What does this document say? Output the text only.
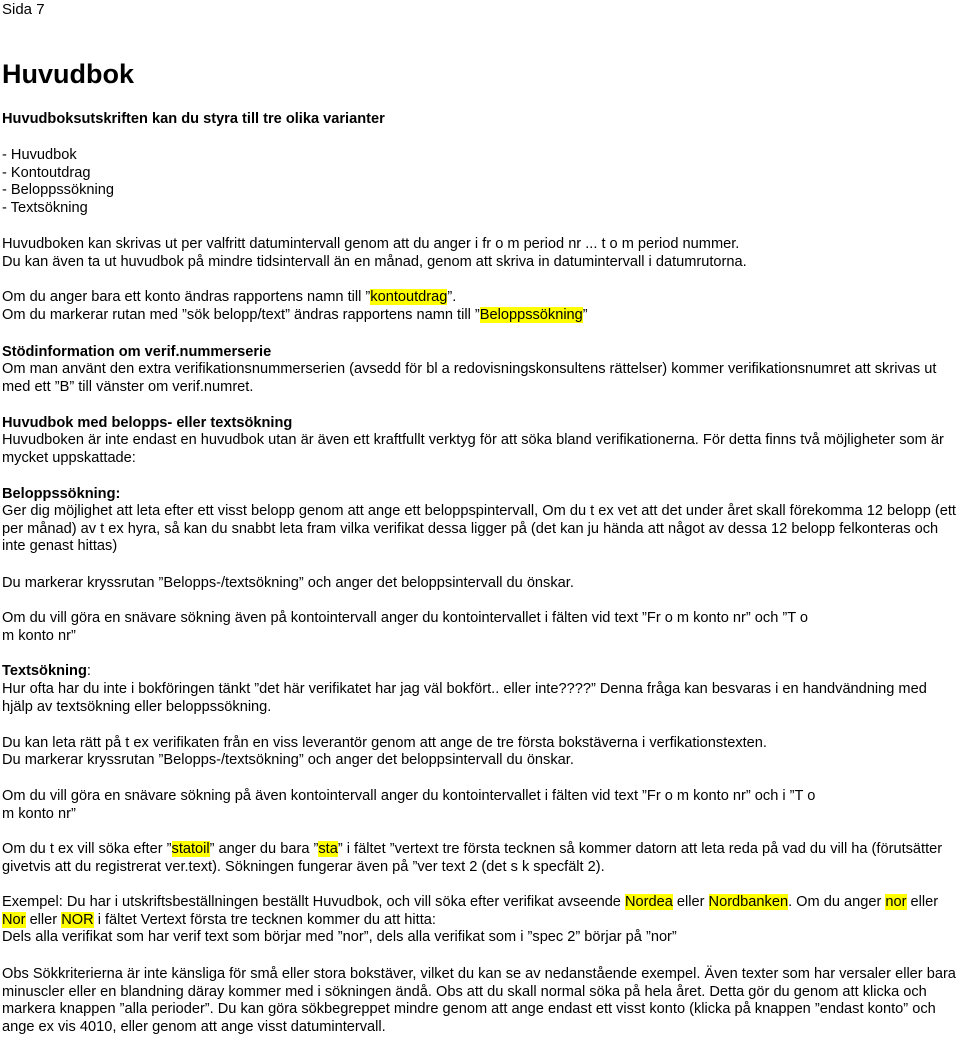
Sida 7
Huvudbok

Huvudboksutskriften kan du styra till tre olika varianter

- Huvudbok
- Kontoutdrag
- Beloppssökning
- Textsökning

Huvudboken kan skrivas ut per valfritt datumintervall genom att du anger i fr o m period nr ... t o m period nummer.

Du kan även ta ut huvudbok på mindre tidsintervall än en månad, genom att skriva in datumintervall i datumrutorna.

Om du anger bara ett konto ändras rapportens namn till ”kontoutdrag”.

Om du markerar rutan med ”sök belopp/text” ändras rapportens namn till ”Beloppssökning”

Stödinformation om verif.nummerserie

Om man använt den extra verifikationsnummerserien (avsedd för bl a redovisningskonsultens rättelser) kommer verifikationsnumret att skrivas ut med ett ”B” till vänster om verif.numret.

Huvudbok med belopps- eller textsökning

Huvudboken är inte endast en huvudbok utan är även ett kraftfullt verktyg för att söka bland verifikationerna. För detta finns två möjligheter som är mycket uppskattade:

Beloppssökning:

Ger dig möjlighet att leta efter ett visst belopp genom att ange ett beloppspintervall, Om du t ex vet att det under året skall förekomma 12 belopp (ett per månad) av t ex hyra, så kan du snabbt leta fram vilka verifikat dessa ligger på (det kan ju hända att något av dessa 12 belopp felkonteras och inte genast hittas)

Du markerar kryssrutan ”Belopps-/textsökning” och anger det beloppsintervall du önskar.

Om du vill göra en snävare sökning även på kontointervall anger du kontointervallet i fälten vid text ”Fr o m konto nr” och ”T o m konto nr”

Textsökning:

Hur ofta har du inte i bokföringen tänkt ”det här verifikatet har jag väl bokfört.. eller inte????” Denna fråga kan besvaras i en handvändning med hjälp av textsökning eller beloppssökning.

Du kan leta rätt på t ex verifikaten från en viss leverantör genom att ange de tre första bokstäverna i verfikationstexten.

Du markerar kryssrutan ”Belopps-/textsökning” och anger det beloppsintervall du önskar.

Om du vill göra en snävare sökning på även kontointervall anger du kontointervallet i fälten vid text ”Fr o m konto nr” och i ”T o m konto nr”

Om du t ex vill söka efter ”statoil” anger du bara ”sta” i fältet ”vertext tre första tecknen så kommer datorn att leta reda på vad du vill ha (förutsätter givetvis att du registrerat ver.text). Sökningen fungerar även på ”ver text 2 (det s k specfält 2).

Exempel: Du har i utskriftsbeställningen beställt Huvudbok, och vill söka efter verifikat avseende Nordea eller Nordbanken. Om du anger nor eller Nor eller NOR i fältet Vertext första tre tecknen kommer du att hitta:
Dels alla verifikat som har verif text som börjar med ”nor”, dels alla verifikat som i ”spec 2” börjar på ”nor”

Obs Sökkriterierna är inte känsliga för små eller stora bokstäver, vilket du kan se av nedanstående exempel. Även texter som har versaler eller bara minuscler eller en blandning däray kommer med i sökningen ändå. Obs att du skall normal söka på hela året. Detta gör du genom att klicka och markera knappen ”alla perioder”. Du kan göra sökbegreppet mindre genom att ange endast ett visst konto (klicka på knappen ”endast konto” och ange ex vis 4010, eller genom att ange visst datumintervall.
